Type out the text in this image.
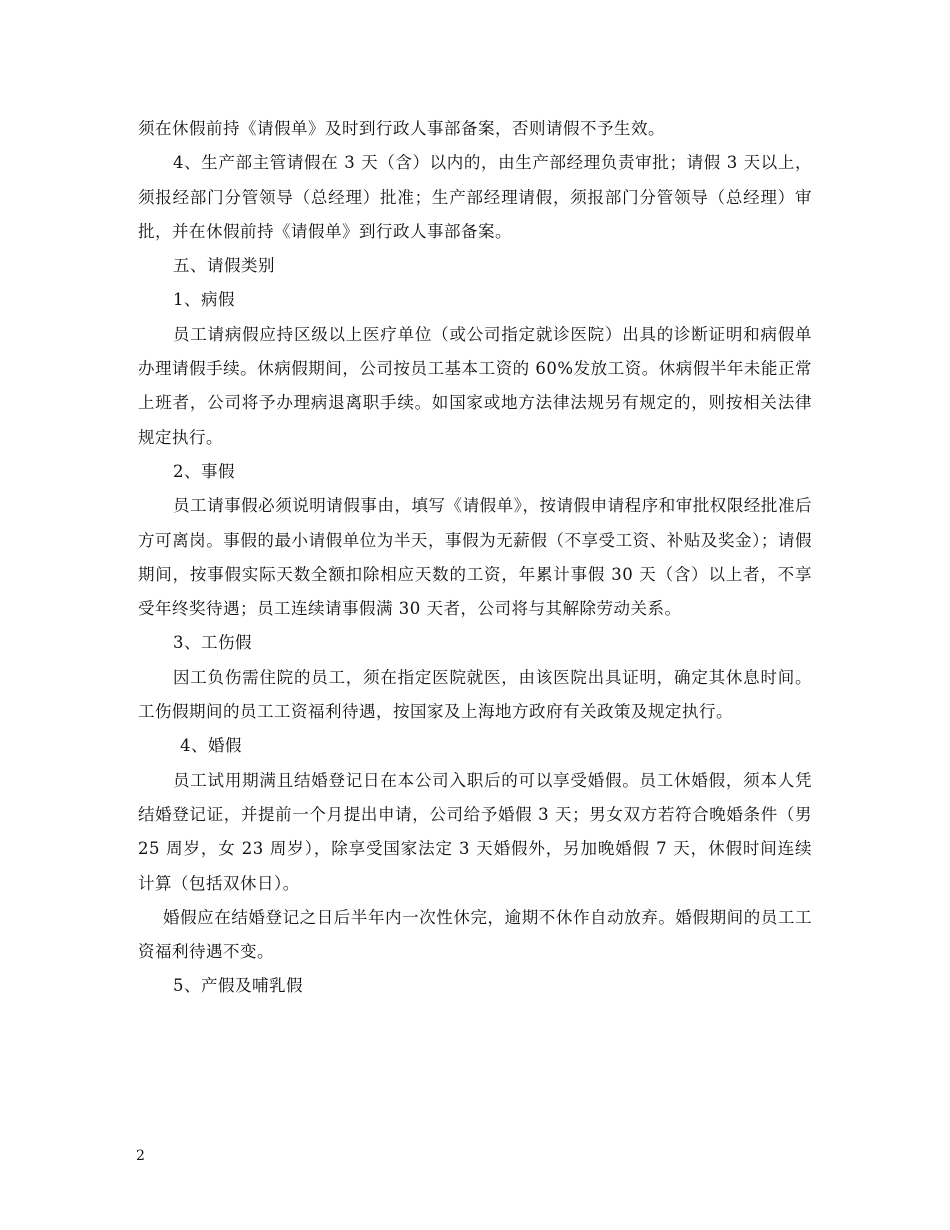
须在休假前持《请假单》及时到行政人事部备案，否则请假不予生效。

4、生产部主管请假在 3 天（含）以内的，由生产部经理负责审批；请假 3 天以上，须报经部门分管领导（总经理）批准；生产部经理请假，须报部门分管领导（总经理）审批，并在休假前持《请假单》到行政人事部备案。

五、请假类别

1、病假

员工请病假应持区级以上医疗单位（或公司指定就诊医院）出具的诊断证明和病假单办理请假手续。休病假期间，公司按员工基本工资的 60%发放工资。休病假半年未能正常上班者，公司将予办理病退离职手续。如国家或地方法律法规另有规定的，则按相关法律规定执行。

2、事假

员工请事假必须说明请假事由，填写《请假单》，按请假申请程序和审批权限经批准后方可离岗。事假的最小请假单位为半天，事假为无薪假（不享受工资、补贴及奖金）；请假期间，按事假实际天数全额扣除相应天数的工资，年累计事假 30 天（含）以上者，不享受年终奖待遇；员工连续请事假满 30 天者，公司将与其解除劳动关系。

3、工伤假

因工负伤需住院的员工，须在指定医院就医，由该医院出具证明，确定其休息时间。工伤假期间的员工工资福利待遇，按国家及上海地方政府有关政策及规定执行。

4、婚假

员工试用期满且结婚登记日在本公司入职后的可以享受婚假。员工休婚假，须本人凭结婚登记证，并提前一个月提出申请，公司给予婚假 3 天；男女双方若符合晚婚条件（男 25 周岁，女 23 周岁），除享受国家法定 3 天婚假外，另加晚婚假 7 天，休假时间连续计算（包括双休日）。

婚假应在结婚登记之日后半年内一次性休完，逾期不休作自动放弃。婚假期间的员工工资福利待遇不变。

5、产假及哺乳假

2
